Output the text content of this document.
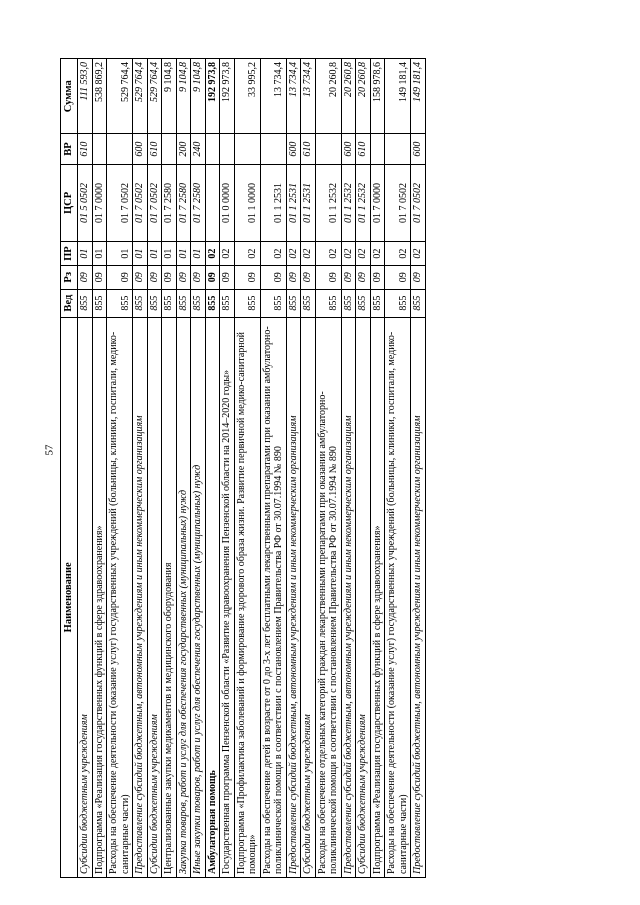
57
Наименование	Вед	Рз	ПР	ЦСР	ВР	Сумма
Субсидии бюджетным учреждениям	855	09	01	01 5 0502	610	111 593,0
Подпрограмма «Реализация государственных функций в сфере здравоохранения»	855	09	01	01 7 0000		538 869,2
Расходы на обеспечение деятельности (оказание услуг) государственных учреждений (больницы, клиники, госпитали, медико-санитарные части)	855	09	01	01 7 0502		529 764,4
Предоставление субсидий бюджетным, автономным учреждениям и иным некоммерческим организациям	855	09	01	01 7 0502	600	529 764,4
Субсидии бюджетным учреждениям	855	09	01	01 7 0502	610	529 764,4
Централизованные закупки медикаментов и медицинского оборудования	855	09	01	01 7 2580		9 104,8
Закупка товаров, работ и услуг для обеспечения государственных (муниципальных) нужд	855	09	01	01 7 2580	200	9 104,8
Иные закупки товаров, работ и услуг для обеспечения государственных (муниципальных) нужд	855	09	01	01 7 2580	240	9 104,8
Амбулаторная помощь	855	09	02			192 973,8
Государственная программа Пензенской области «Развитие здравоохранения Пензенской области на 2014–2020 годы»	855	09	02	01 0 0000		192 973,8
Подпрограмма «Профилактика заболеваний и формирование здорового образа жизни. Развитие первичной медико-санитарной помощи»	855	09	02	01 1 0000		33 995,2
Расходы на обеспечение детей в возрасте от 0 до 3-х лет бесплатными лекарственными препаратами при оказании амбулаторно-поликлинической помощи в соответствии с постановлением Правительства РФ от 30.07.1994 № 890	855	09	02	01 1 2531		13 734,4
Предоставление субсидий бюджетным, автономным учреждениям и иным некоммерческим организациям	855	09	02	01 1 2531	600	13 734,4
Субсидии бюджетным учреждениям	855	09	02	01 1 2531	610	13 734,4
Расходы на обеспечение отдельных категорий граждан лекарственными препаратами при оказании амбулаторно-поликлинической помощи в соответствии с постановлением Правительства РФ от 30.07.1994 № 890	855	09	02	01 1 2532		20 260,8
Предоставление субсидий бюджетным, автономным учреждениям и иным некоммерческим организациям	855	09	02	01 1 2532	600	20 260,8
Субсидии бюджетным учреждениям	855	09	02	01 1 2532	610	20 260,8
Подпрограмма «Реализация государственных функций в сфере здравоохранения»	855	09	02	01 7 0000		158 978,6
Расходы на обеспечение деятельности (оказание услуг) государственных учреждений (больницы, клиники, госпитали, медико-санитарные части)	855	09	02	01 7 0502		149 181,4
Предоставление субсидий бюджетным, автономным учреждениям и иным некоммерческим организациям	855	09	02	01 7 0502	600	149 181,4
